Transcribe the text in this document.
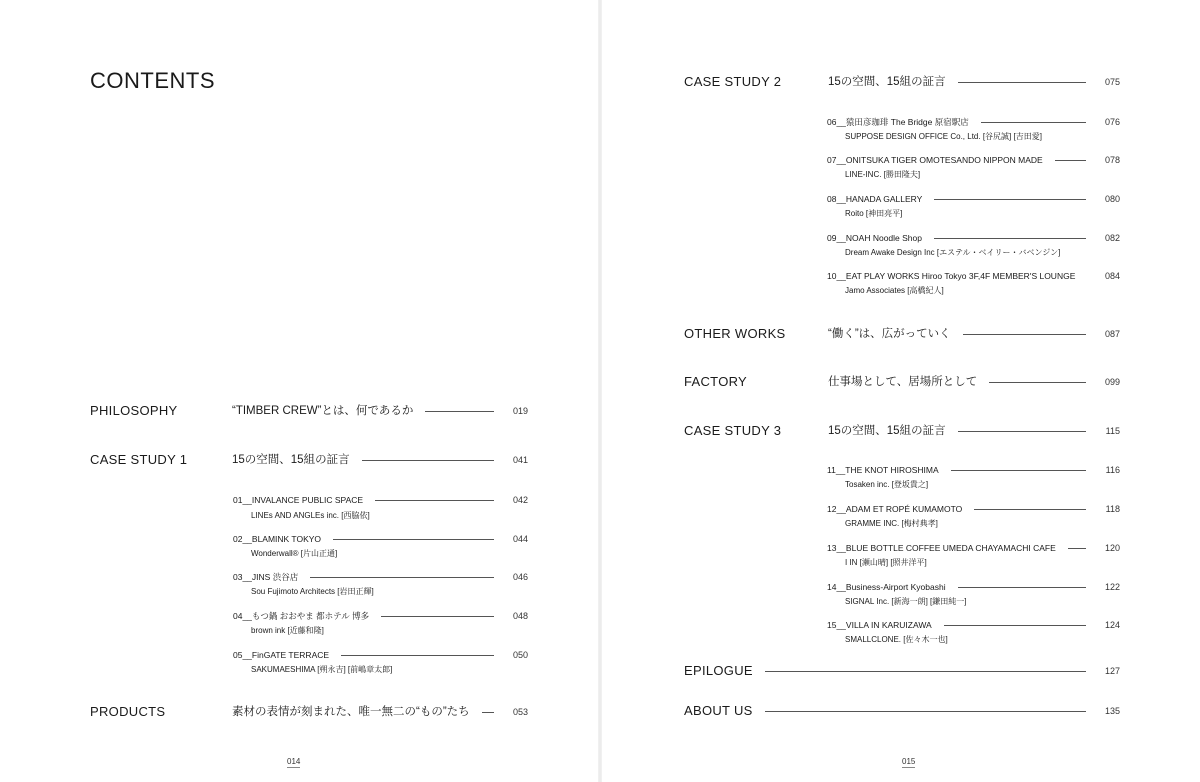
CONTENTS
PHILOSOPHY	“TIMBER CREW”とは、何であるか	019
CASE STUDY 1	15の空間、15組の証言	041
01__INVALANCE PUBLIC SPACE	042
LINEs AND ANGLEs inc. [西脇依]
02__BLAMINK TOKYO	044
Wonderwall® [片山正通]
03__JINS 渋谷店	046
Sou Fujimoto Architects [岩田正輝]
04__もつ鍋 おおやま 都ホテル 博多	048
brown ink [近藤和隆]
05__FinGATE TERRACE	050
SAKUMAESHIMA [朔永吉] [前嶋章太郎]
PRODUCTS	素材の表情が刻まれた、唯一無二の“もの”たち	053
014
CASE STUDY 2	15の空間、15組の証言	075
06__猿田彦珈琲 The Bridge 原宿駅店	076
SUPPOSE DESIGN OFFICE Co., Ltd. [谷尻誠] [吉田愛]
07__ONITSUKA TIGER OMOTESANDO NIPPON MADE	078
LINE-INC. [勝田隆夫]
08__HANADA GALLERY	080
Roito [神田亮平]
09__NOAH Noodle Shop	082
Dream Awake Design Inc [エステル・ベイリー・バベンジン]
10__EAT PLAY WORKS Hiroo Tokyo 3F,4F MEMBER'S LOUNGE	084
Jamo Associates [高橋紀人]
OTHER WORKS	“働く”は、広がっていく	087
FACTORY	仕事場として、居場所として	099
CASE STUDY 3	15の空間、15組の証言	115
11__THE KNOT HIROSHIMA	116
Tosaken inc. [登坂貴之]
12__ADAM ET ROPÉ KUMAMOTO	118
GRAMME INC. [梅村典孝]
13__BLUE BOTTLE COFFEE UMEDA CHAYAMACHI CAFE	120
I IN [瀬山晴] [照井洋平]
14__Business-Airport Kyobashi	122
SIGNAL Inc. [新海一朗] [鎌田純一]
15__VILLA IN KARUIZAWA	124
SMALLCLONE. [佐々木一也]
EPILOGUE	127
ABOUT US	135
015
